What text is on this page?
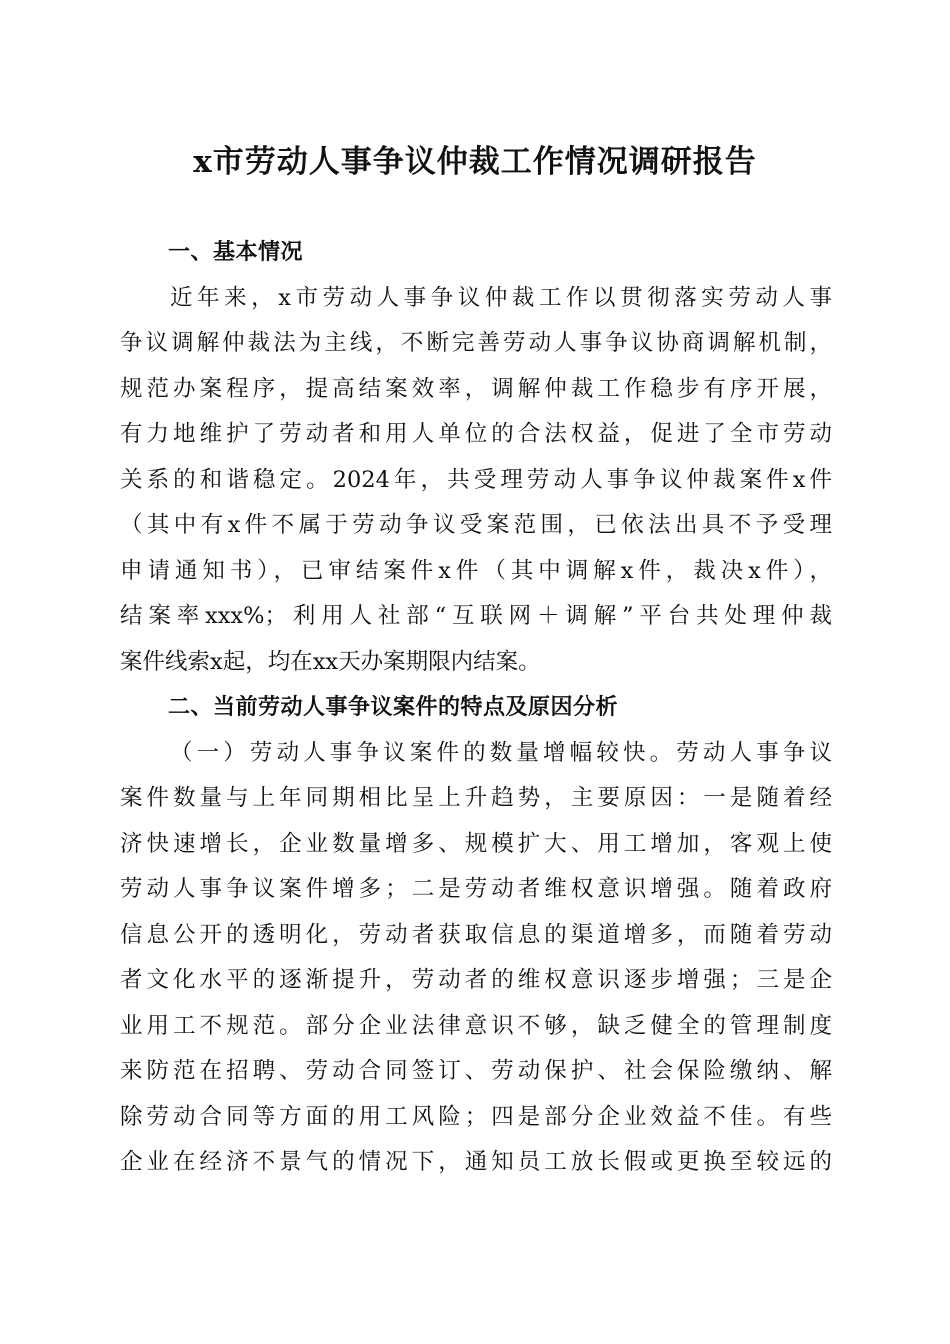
x市劳动人事争议仲裁工作情况调研报告
一、基本情况
近年来，x市劳动人事争议仲裁工作以贯彻落实劳动人事
争议调解仲裁法为主线，不断完善劳动人事争议协商调解机制，
规范办案程序，提高结案效率，调解仲裁工作稳步有序开展，
有力地维护了劳动者和用人单位的合法权益，促进了全市劳动
关系的和谐稳定。2024年，共受理劳动人事争议仲裁案件x件
（其中有x件不属于劳动争议受案范围，已依法出具不予受理
申请通知书），已审结案件x件（其中调解x件，裁决x件），
结案率xxx%；利用人社部“互联网＋调解”平台共处理仲裁
案件线索x起，均在xx天办案期限内结案。
二、当前劳动人事争议案件的特点及原因分析
（一）劳动人事争议案件的数量增幅较快。劳动人事争议
案件数量与上年同期相比呈上升趋势，主要原因：一是随着经
济快速增长，企业数量增多、规模扩大、用工增加，客观上使
劳动人事争议案件增多；二是劳动者维权意识增强。随着政府
信息公开的透明化，劳动者获取信息的渠道增多，而随着劳动
者文化水平的逐渐提升，劳动者的维权意识逐步增强；三是企
业用工不规范。部分企业法律意识不够，缺乏健全的管理制度
来防范在招聘、劳动合同签订、劳动保护、社会保险缴纳、解
除劳动合同等方面的用工风险；四是部分企业效益不佳。有些
企业在经济不景气的情况下，通知员工放长假或更换至较远的
